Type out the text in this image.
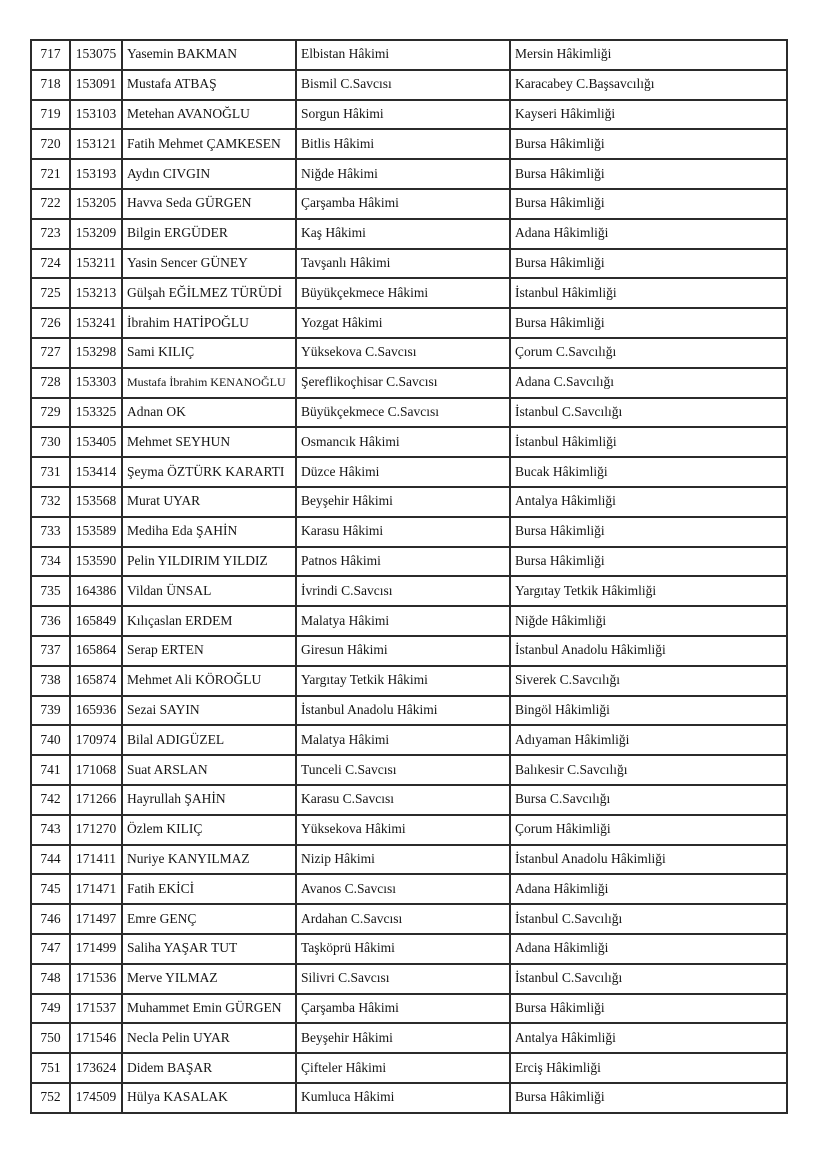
717	153075	Yasemin BAKMAN	Elbistan Hâkimi	Mersin Hâkimliği
718	153091	Mustafa ATBAŞ	Bismil C.Savcısı	Karacabey C.Başsavcılığı
719	153103	Metehan AVANOĞLU	Sorgun Hâkimi	Kayseri Hâkimliği
720	153121	Fatih Mehmet ÇAMKESEN	Bitlis Hâkimi	Bursa Hâkimliği
721	153193	Aydın CIVGIN	Niğde Hâkimi	Bursa Hâkimliği
722	153205	Havva Seda GÜRGEN	Çarşamba Hâkimi	Bursa Hâkimliği
723	153209	Bilgin ERGÜDER	Kaş Hâkimi	Adana Hâkimliği
724	153211	Yasin Sencer GÜNEY	Tavşanlı Hâkimi	Bursa Hâkimliği
725	153213	Gülşah EĞİLMEZ TÜRÜDİ	Büyükçekmece Hâkimi	İstanbul Hâkimliği
726	153241	İbrahim HATİPOĞLU	Yozgat Hâkimi	Bursa Hâkimliği
727	153298	Sami KILIÇ	Yüksekova C.Savcısı	Çorum C.Savcılığı
728	153303	Mustafa İbrahim KENANOĞLU	Şereflikoçhisar C.Savcısı	Adana C.Savcılığı
729	153325	Adnan OK	Büyükçekmece C.Savcısı	İstanbul C.Savcılığı
730	153405	Mehmet SEYHUN	Osmancık Hâkimi	İstanbul Hâkimliği
731	153414	Şeyma ÖZTÜRK KARARTI	Düzce Hâkimi	Bucak Hâkimliği
732	153568	Murat UYAR	Beyşehir Hâkimi	Antalya Hâkimliği
733	153589	Mediha Eda ŞAHİN	Karasu Hâkimi	Bursa Hâkimliği
734	153590	Pelin YILDIRIM YILDIZ	Patnos Hâkimi	Bursa Hâkimliği
735	164386	Vildan ÜNSAL	İvrindi C.Savcısı	Yargıtay Tetkik Hâkimliği
736	165849	Kılıçaslan ERDEM	Malatya Hâkimi	Niğde Hâkimliği
737	165864	Serap ERTEN	Giresun Hâkimi	İstanbul Anadolu Hâkimliği
738	165874	Mehmet Ali KÖROĞLU	Yargıtay Tetkik Hâkimi	Siverek C.Savcılığı
739	165936	Sezai SAYIN	İstanbul Anadolu Hâkimi	Bingöl Hâkimliği
740	170974	Bilal ADIGÜZEL	Malatya Hâkimi	Adıyaman Hâkimliği
741	171068	Suat ARSLAN	Tunceli C.Savcısı	Balıkesir C.Savcılığı
742	171266	Hayrullah ŞAHİN	Karasu C.Savcısı	Bursa C.Savcılığı
743	171270	Özlem KILIÇ	Yüksekova Hâkimi	Çorum Hâkimliği
744	171411	Nuriye KANYILMAZ	Nizip Hâkimi	İstanbul Anadolu Hâkimliği
745	171471	Fatih EKİCİ	Avanos C.Savcısı	Adana Hâkimliği
746	171497	Emre GENÇ	Ardahan C.Savcısı	İstanbul C.Savcılığı
747	171499	Saliha YAŞAR TUT	Taşköprü Hâkimi	Adana Hâkimliği
748	171536	Merve YILMAZ	Silivri C.Savcısı	İstanbul C.Savcılığı
749	171537	Muhammet Emin GÜRGEN	Çarşamba Hâkimi	Bursa Hâkimliği
750	171546	Necla Pelin UYAR	Beyşehir Hâkimi	Antalya Hâkimliği
751	173624	Didem BAŞAR	Çifteler Hâkimi	Erciş Hâkimliği
752	174509	Hülya KASALAK	Kumluca Hâkimi	Bursa Hâkimliği
